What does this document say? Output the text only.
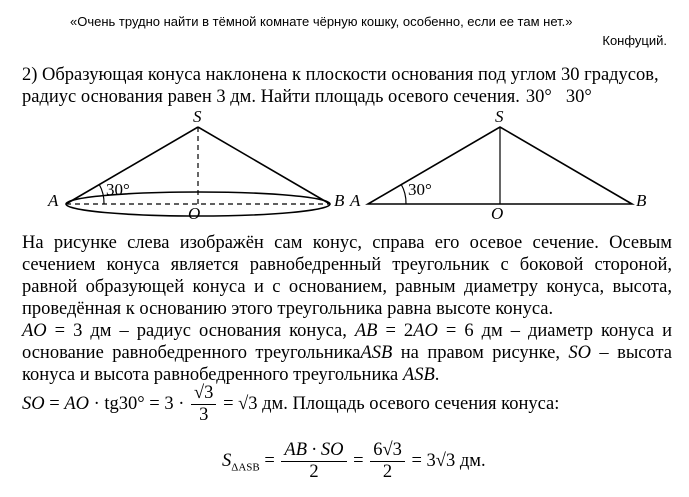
«Очень трудно найти в тёмной комнате чёрную кошку, особенно, если ее там нет.»
Конфуций.
2) Образующая конуса наклонена к плоскости основания под углом 30 градусов,
радиус основания равен 3 дм. Найти площадь осевого сечения. 30° 30°
S
A	B
O
30°
S
A	B
O
30°
На рисунке слева изображён сам конус, справа его осевое сечение. Осевым сечением конуса является равнобедренный треугольник с боковой стороной, равной образующей конуса и с основанием, равным диаметру конуса, высота, проведённая к основанию этого треугольника равна высоте конуса.
AO = 3 дм – радиус основания конуса, AB = 2AO = 6 дм – диаметр конуса и основание равнобедренного треугольникаASB на правом рисунке, SO – высота конуса и высота равнобедренного треугольника ASB.
SO = AO · $tg30^\circ = 3 \cdot \frac{√3}{3} = √3$ дм. Площадь осевого сечения конуса:
$S_{\Delta ASB} = \frac{AB \cdot SO}{2} = \frac{6√3}{2} = 3√3$ дм.
